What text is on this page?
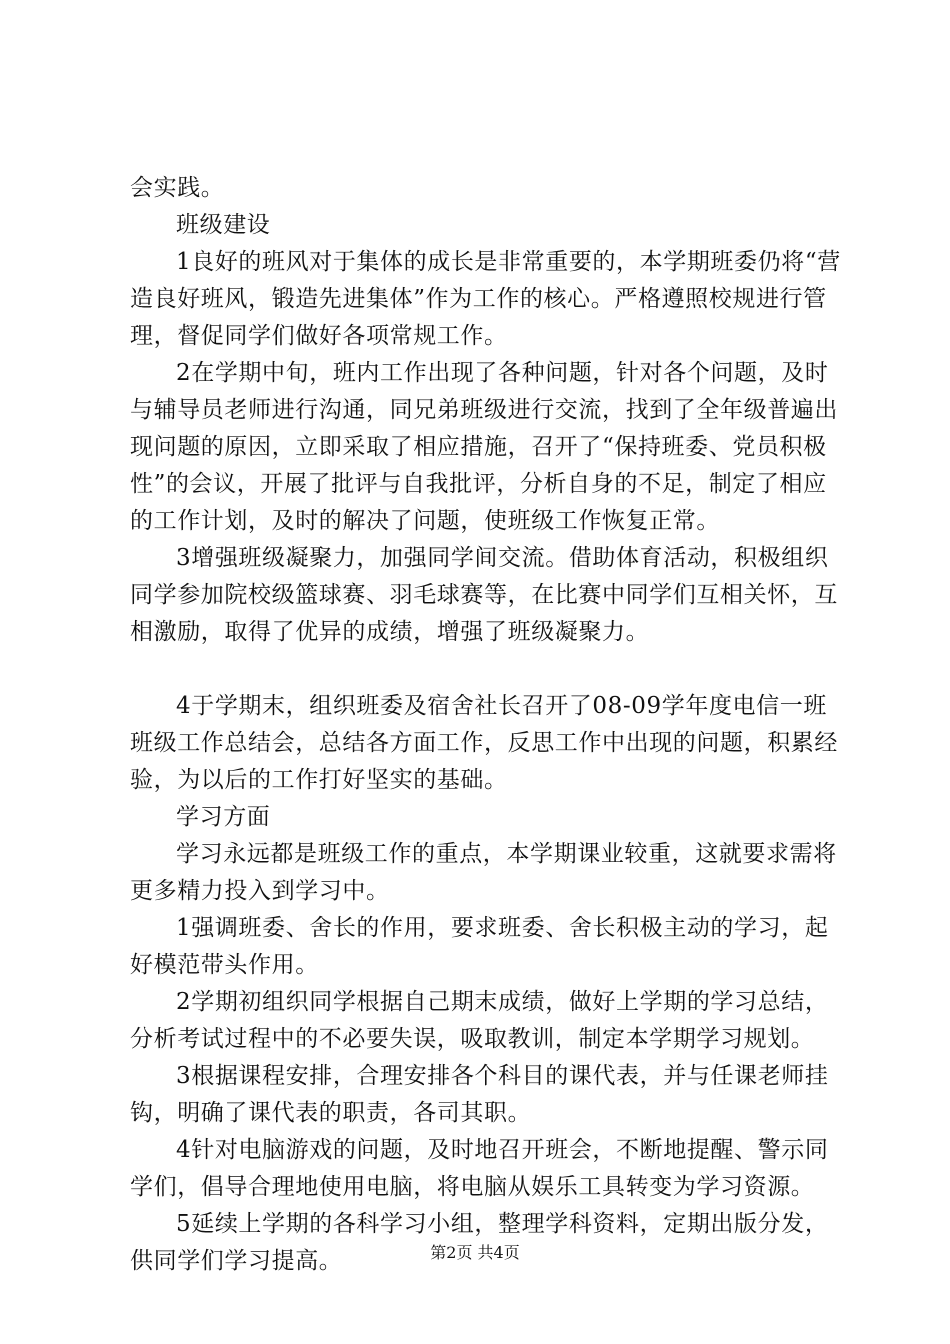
会实践。

班级建设

1良好的班风对于集体的成长是非常重要的，本学期班委仍将“营造良好班风，锻造先进集体”作为工作的核心。严格遵照校规进行管理，督促同学们做好各项常规工作。

2在学期中旬，班内工作出现了各种问题，针对各个问题，及时与辅导员老师进行沟通，同兄弟班级进行交流，找到了全年级普遍出现问题的原因，立即采取了相应措施，召开了“保持班委、党员积极性”的会议，开展了批评与自我批评，分析自身的不足，制定了相应的工作计划，及时的解决了问题，使班级工作恢复正常。

3增强班级凝聚力，加强同学间交流。借助体育活动，积极组织同学参加院校级篮球赛、羽毛球赛等，在比赛中同学们互相关怀，互相激励，取得了优异的成绩，增强了班级凝聚力。

4于学期末，组织班委及宿舍社长召开了08-09学年度电信一班班级工作总结会，总结各方面工作，反思工作中出现的问题，积累经验，为以后的工作打好坚实的基础。

学习方面

学习永远都是班级工作的重点，本学期课业较重，这就要求需将更多精力投入到学习中。

1强调班委、舍长的作用，要求班委、舍长积极主动的学习，起好模范带头作用。

2学期初组织同学根据自己期末成绩，做好上学期的学习总结，分析考试过程中的不必要失误，吸取教训，制定本学期学习规划。

3根据课程安排，合理安排各个科目的课代表，并与任课老师挂钩，明确了课代表的职责，各司其职。

4针对电脑游戏的问题，及时地召开班会，不断地提醒、警示同学们，倡导合理地使用电脑，将电脑从娱乐工具转变为学习资源。

5延续上学期的各科学习小组，整理学科资料，定期出版分发，供同学们学习提高。	第2页 共4页
